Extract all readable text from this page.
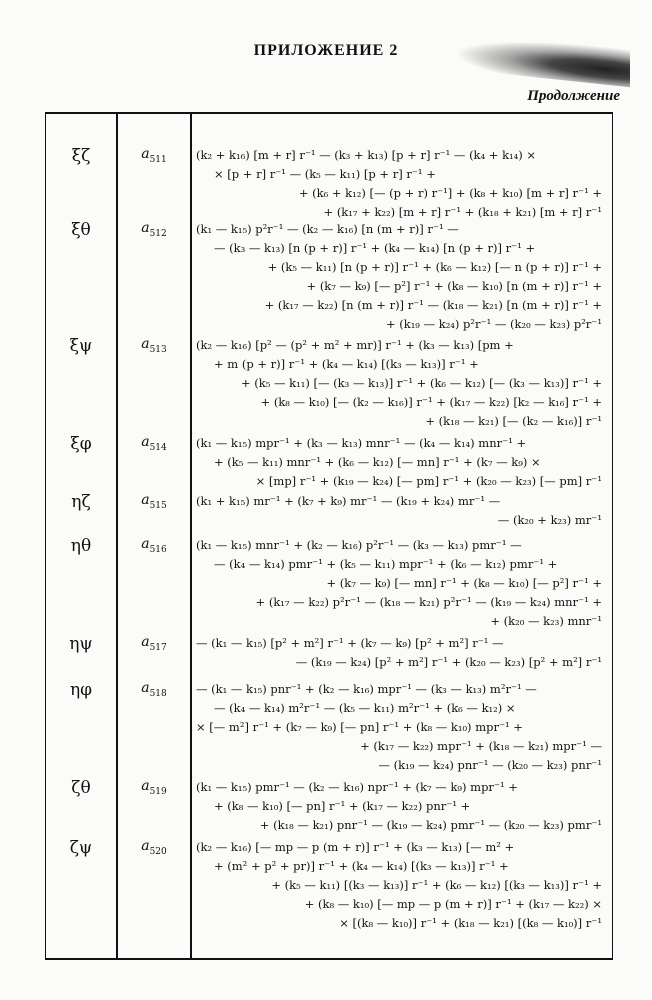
ПРИЛОЖЕНИЕ 2
Продолжение
ξζ	$a_{511}$	(k₂ + k₁₆) [m + r] r⁻¹ — (k₃ + k₁₃) [p + r] r⁻¹ — (k₄ + k₁₄) ×
× [p + r] r⁻¹ — (k₅ — k₁₁) [p + r] r⁻¹ +
+ (k₆ + k₁₂) [— (p + r) r⁻¹] + (k₈ + k₁₀) [m + r] r⁻¹ +
+ (k₁₇ + k₂₂) [m + r] r⁻¹ + (k₁₈ + k₂₁) [m + r] r⁻¹
ξθ	$a_{512}$	(k₁ — k₁₅) p²r⁻¹ — (k₂ — k₁₆) [n (m + r)] r⁻¹ —
— (k₃ — k₁₃) [n (p + r)] r⁻¹ + (k₄ — k₁₄) [n (p + r)] r⁻¹ +
+ (k₅ — k₁₁) [n (p + r)] r⁻¹ + (k₆ — k₁₂) [— n (p + r)] r⁻¹ +
+ (k₇ — k₉) [— p²] r⁻¹ + (k₈ — k₁₀) [n (m + r)] r⁻¹ +
+ (k₁₇ — k₂₂) [n (m + r)] r⁻¹ — (k₁₈ — k₂₁) [n (m + r)] r⁻¹ +
+ (k₁₉ — k₂₄) p²r⁻¹ — (k₂₀ — k₂₃) p²r⁻¹
ξψ	$a_{513}$	(k₂ — k₁₆) [p² — (p² + m² + mr)] r⁻¹ + (k₃ — k₁₃) [pm +
+ m (p + r)] r⁻¹ + (k₄ — k₁₄) [(k₃ — k₁₃)] r⁻¹ +
+ (k₅ — k₁₁) [— (k₃ — k₁₃)] r⁻¹ + (k₆ — k₁₂) [— (k₃ — k₁₃)] r⁻¹ +
+ (k₈ — k₁₀) [— (k₂ — k₁₆)] r⁻¹ + (k₁₇ — k₂₂) [k₂ — k₁₆] r⁻¹ +
+ (k₁₈ — k₂₁) [— (k₂ — k₁₆)] r⁻¹
ξφ	$a_{514}$	(k₁ — k₁₅) mpr⁻¹ + (k₃ — k₁₃) mnr⁻¹ — (k₄ — k₁₄) mnr⁻¹ +
+ (k₅ — k₁₁) mnr⁻¹ + (k₆ — k₁₂) [— mn] r⁻¹ + (k₇ — k₉) ×
× [mp] r⁻¹ + (k₁₉ — k₂₄) [— pm] r⁻¹ + (k₂₀ — k₂₃) [— pm] r⁻¹
ηζ	$a_{515}$	(k₁ + k₁₅) mr⁻¹ + (k₇ + k₉) mr⁻¹ — (k₁₉ + k₂₄) mr⁻¹ —
— (k₂₀ + k₂₃) mr⁻¹
ηθ	$a_{516}$	(k₁ — k₁₅) mnr⁻¹ + (k₂ — k₁₆) p²r⁻¹ — (k₃ — k₁₃) pmr⁻¹ —
— (k₄ — k₁₄) pmr⁻¹ + (k₅ — k₁₁) mpr⁻¹ + (k₆ — k₁₂) pmr⁻¹ +
+ (k₇ — k₉) [— mn] r⁻¹ + (k₈ — k₁₀) [— p²] r⁻¹ +
+ (k₁₇ — k₂₂) p²r⁻¹ — (k₁₈ — k₂₁) p²r⁻¹ — (k₁₉ — k₂₄) mnr⁻¹ +
+ (k₂₀ — k₂₃) mnr⁻¹
ηψ	$a_{517}$	— (k₁ — k₁₅) [p² + m²] r⁻¹ + (k₇ — k₉) [p² + m²] r⁻¹ —
— (k₁₉ — k₂₄) [p² + m²] r⁻¹ + (k₂₀ — k₂₃) [p² + m²] r⁻¹
ηφ	$a_{518}$	— (k₁ — k₁₅) pnr⁻¹ + (k₂ — k₁₆) mpr⁻¹ — (k₃ — k₁₃) m²r⁻¹ —
— (k₄ — k₁₄) m²r⁻¹ — (k₅ — k₁₁) m²r⁻¹ + (k₆ — k₁₂) ×
× [— m²] r⁻¹ + (k₇ — k₉) [— pn] r⁻¹ + (k₈ — k₁₀) mpr⁻¹ +
+ (k₁₇ — k₂₂) mpr⁻¹ + (k₁₈ — k₂₁) mpr⁻¹ —
— (k₁₉ — k₂₄) pnr⁻¹ — (k₂₀ — k₂₃) pnr⁻¹
ζθ	$a_{519}$	(k₁ — k₁₅) pmr⁻¹ — (k₂ — k₁₆) npr⁻¹ + (k₇ — k₉) mpr⁻¹ +
+ (k₈ — k₁₀) [— pn] r⁻¹ + (k₁₇ — k₂₂) pnr⁻¹ +
+ (k₁₈ — k₂₁) pnr⁻¹ — (k₁₉ — k₂₄) pmr⁻¹ — (k₂₀ — k₂₃) pmr⁻¹
ζψ	$a_{520}$	(k₂ — k₁₆) [— mp — p (m + r)] r⁻¹ + (k₃ — k₁₃) [— m² +
+ (m² + p² + pr)] r⁻¹ + (k₄ — k₁₄) [(k₃ — k₁₃)] r⁻¹ +
+ (k₅ — k₁₁) [(k₃ — k₁₃)] r⁻¹ + (k₆ — k₁₂) [(k₃ — k₁₃)] r⁻¹ +
+ (k₈ — k₁₀) [— mp — p (m + r)] r⁻¹ + (k₁₇ — k₂₂) ×
× [(k₈ — k₁₀)] r⁻¹ + (k₁₈ — k₂₁) [(k₈ — k₁₀)] r⁻¹
